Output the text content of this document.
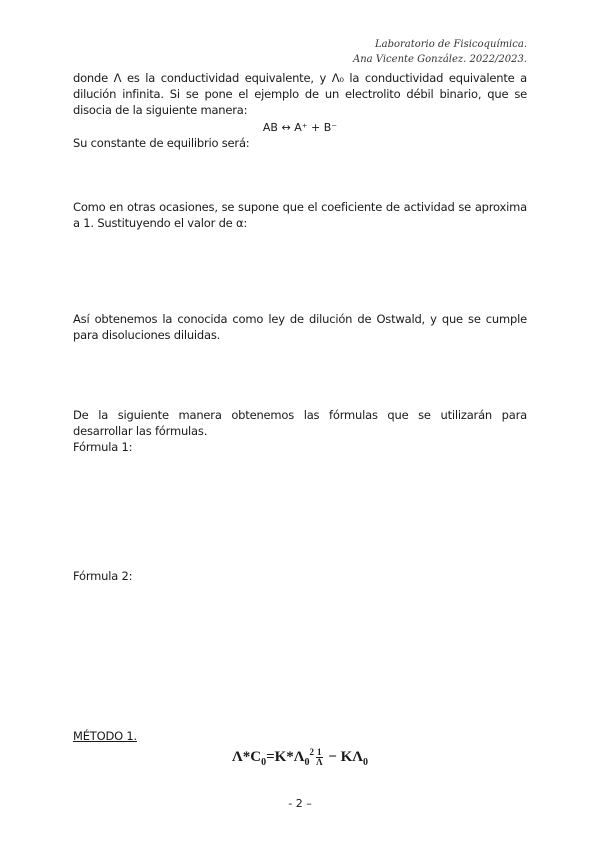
Laboratorio de Fisicoquímica.
Ana Vicente González. 2022/2023.
donde Λ es la conductividad equivalente, y Λ₀ la conductividad equivalente a dilución infinita. Si se pone el ejemplo de un electrolito débil binario, que se disocia de la siguiente manera:
AB ↔ A⁺ + B⁻
Su constante de equilibrio será:
Como en otras ocasiones, se supone que el coeficiente de actividad se aproxima a 1. Sustituyendo el valor de α:
Así obtenemos la conocida como ley de dilución de Ostwald, y que se cumple para disoluciones diluidas.
De la siguiente manera obtenemos las fórmulas que se utilizarán para desarrollar las fórmulas.
Fórmula 1:
Fórmula 2:
MÉTODO 1.
$\Lambda*C_0=K*\Lambda_0^2 \frac{1}{\Lambda} - K\Lambda_0$
- 2 –
